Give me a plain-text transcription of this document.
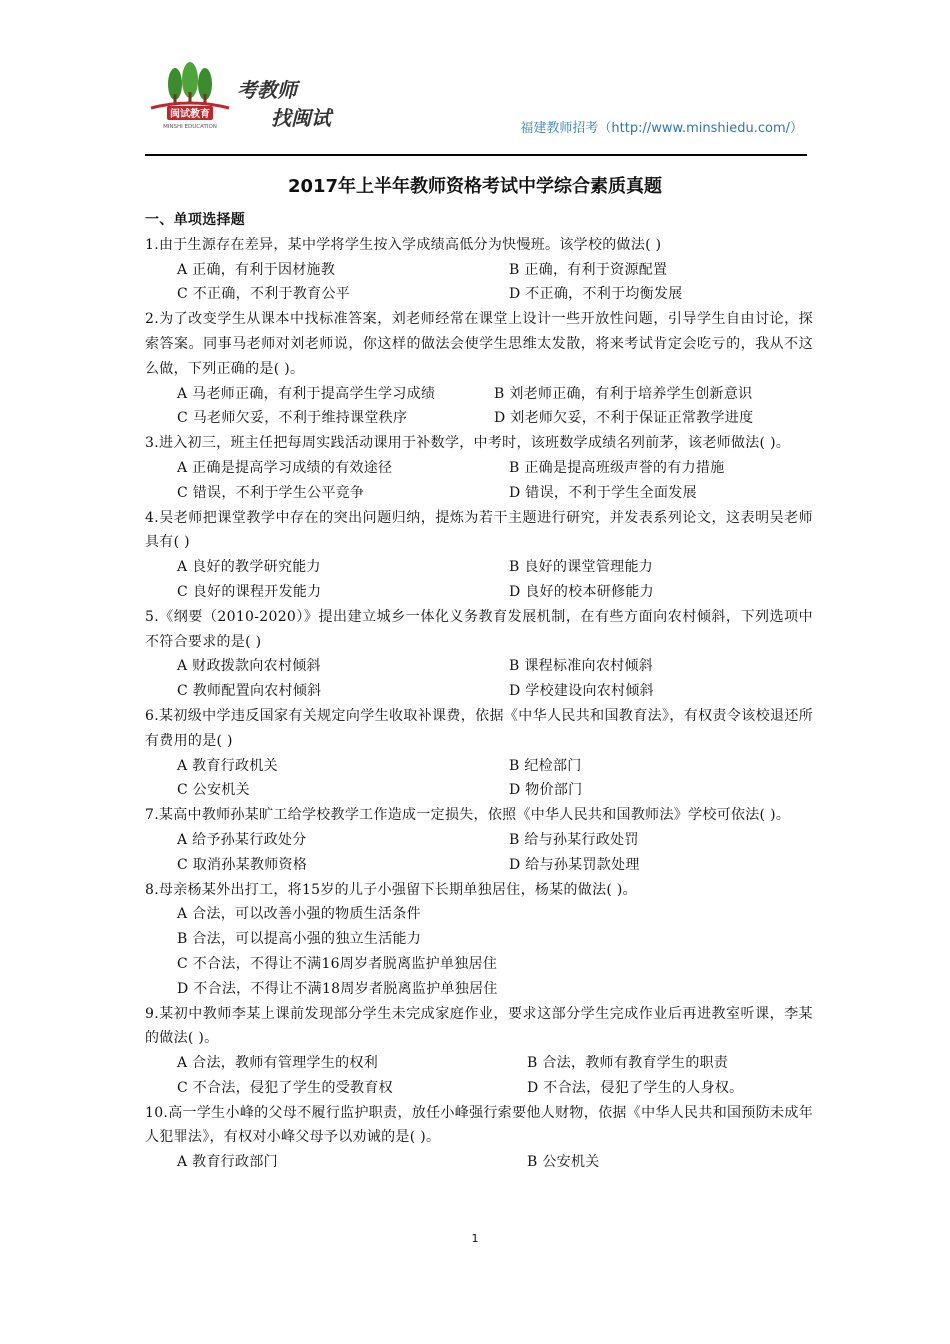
闽试教育
MINSHI EDUCATION
考教师
找闽试	福建教师招考（http://www.minshiedu.com/）
2017年上半年教师资格考试中学综合素质真题
一、单项选择题
1.由于生源存在差异，某中学将学生按入学成绩高低分为快慢班。该学校的做法( )
A 正确，有利于因材施教	B 正确，有利于资源配置
C 不正确，不利于教育公平	D 不正确，不利于均衡发展
2.为了改变学生从课本中找标准答案，刘老师经常在课堂上设计一些开放性问题，引导学生自由讨论，探索答案。同事马老师对刘老师说，你这样的做法会使学生思维太发散，将来考试肯定会吃亏的，我从不这么做，下列正确的是( )。
A 马老师正确，有利于提高学生学习成绩	B 刘老师正确，有利于培养学生创新意识
C 马老师欠妥，不利于维持课堂秩序	D 刘老师欠妥，不利于保证正常教学进度
3.进入初三，班主任把每周实践活动课用于补数学，中考时，该班数学成绩名列前茅，该老师做法( )。
A 正确是提高学习成绩的有效途径	B 正确是提高班级声誉的有力措施
C 错误，不利于学生公平竞争	D 错误，不利于学生全面发展
4.吴老师把课堂教学中存在的突出问题归纳，提炼为若干主题进行研究，并发表系列论文，这表明吴老师具有( )
A 良好的教学研究能力	B 良好的课堂管理能力
C 良好的课程开发能力	D 良好的校本研修能力
5.《纲要（2010-2020）》提出建立城乡一体化义务教育发展机制，在有些方面向农村倾斜，下列选项中不符合要求的是( )
A 财政拨款向农村倾斜	B 课程标准向农村倾斜
C 教师配置向农村倾斜	D 学校建设向农村倾斜
6.某初级中学违反国家有关规定向学生收取补课费，依据《中华人民共和国教育法》，有权责令该校退还所有费用的是( )
A 教育行政机关	B 纪检部门
C 公安机关	D 物价部门
7.某高中教师孙某旷工给学校教学工作造成一定损失，依照《中华人民共和国教师法》学校可依法( )。
A 给予孙某行政处分	B 给与孙某行政处罚
C 取消孙某教师资格	D 给与孙某罚款处理
8.母亲杨某外出打工，将15岁的儿子小强留下长期单独居住，杨某的做法( )。
A 合法，可以改善小强的物质生活条件
B 合法，可以提高小强的独立生活能力
C 不合法，不得让不满16周岁者脱离监护单独居住
D 不合法，不得让不满18周岁者脱离监护单独居住
9.某初中教师李某上课前发现部分学生未完成家庭作业，要求这部分学生完成作业后再进教室听课，李某的做法( )。
A 合法，教师有管理学生的权利	B 合法，教师有教育学生的职责
C 不合法，侵犯了学生的受教育权	D 不合法，侵犯了学生的人身权。
10.高一学生小峰的父母不履行监护职责，放任小峰强行索要他人财物，依据《中华人民共和国预防未成年人犯罪法》，有权对小峰父母予以劝诫的是( )。
A 教育行政部门	B 公安机关
1
